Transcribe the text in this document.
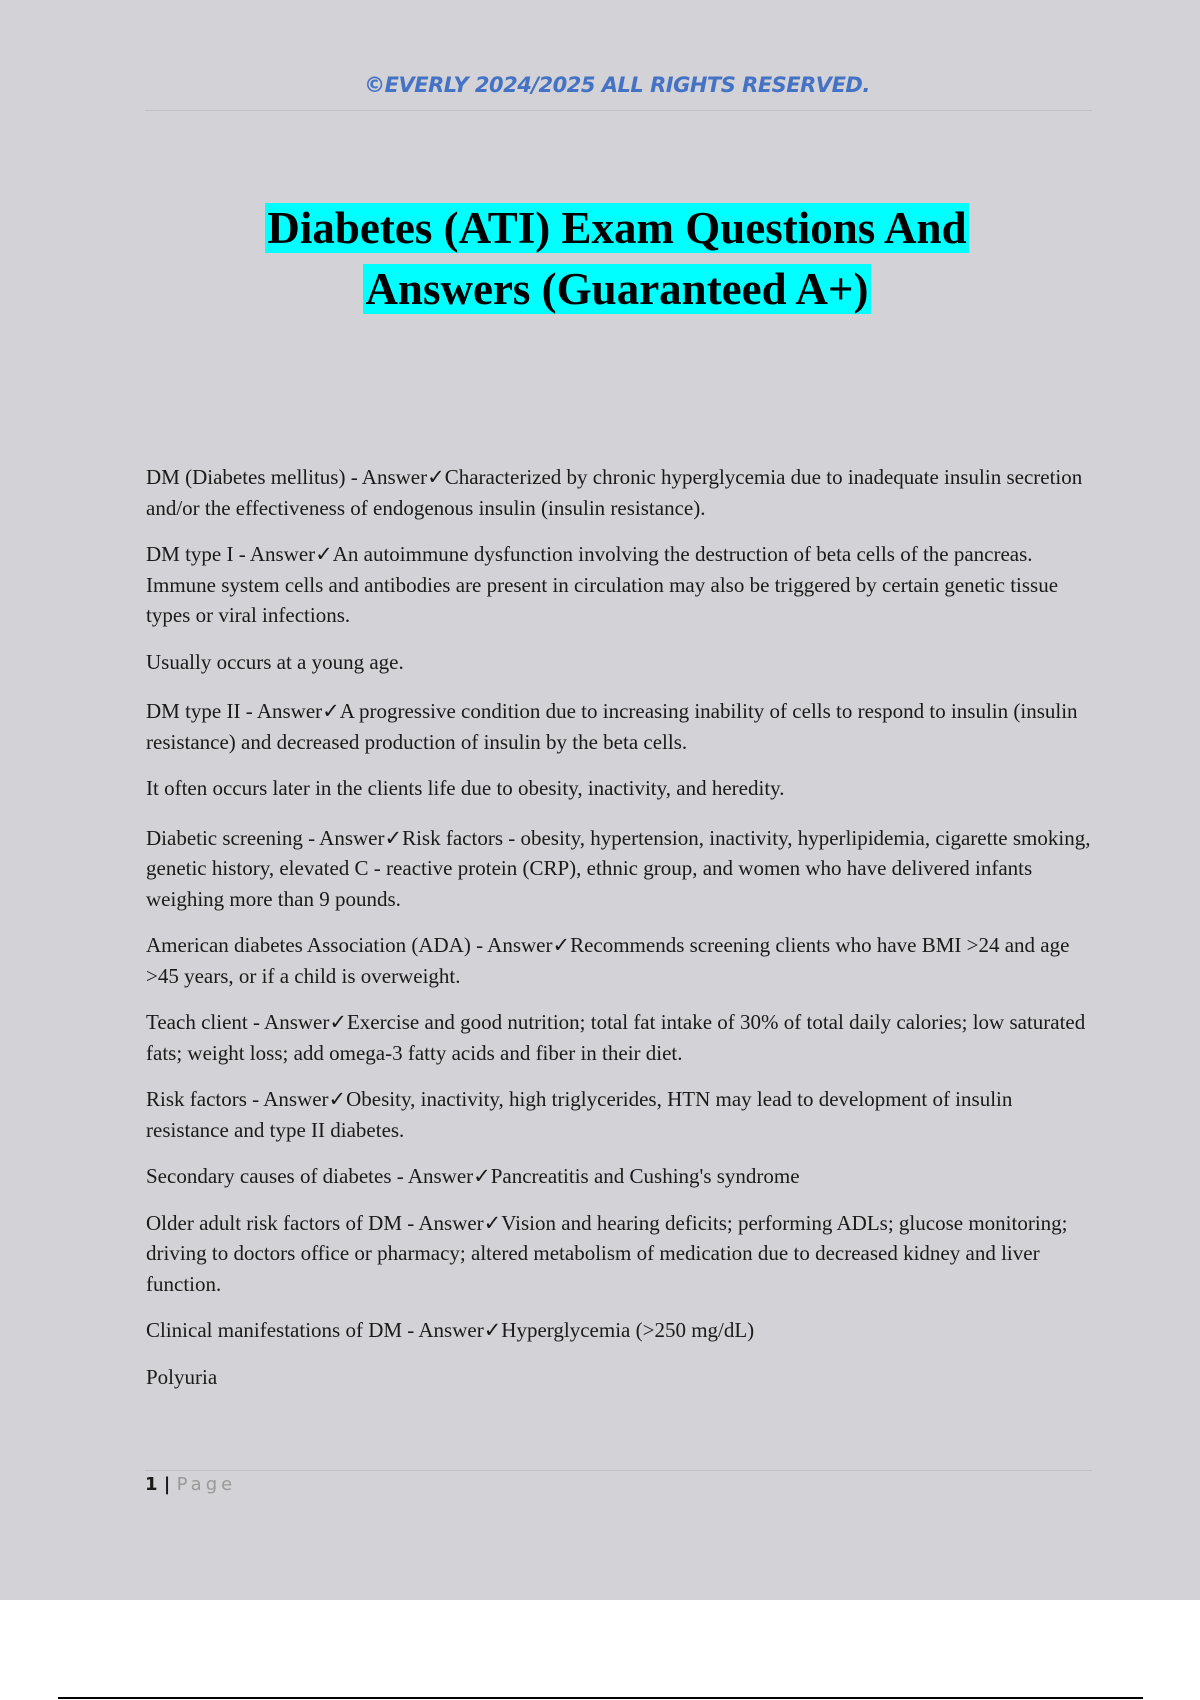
©EVERLY 2024/2025 ALL RIGHTS RESERVED.
Diabetes (ATI) Exam Questions And
Answers (Guaranteed A+)

DM (Diabetes mellitus) - Answer✓Characterized by chronic hyperglycemia due to inadequate insulin secretion and/or the effectiveness of endogenous insulin (insulin resistance).

DM type I - Answer✓An autoimmune dysfunction involving the destruction of beta cells of the pancreas. Immune system cells and antibodies are present in circulation may also be triggered by certain genetic tissue types or viral infections.

Usually occurs at a young age.

DM type II - Answer✓A progressive condition due to increasing inability of cells to respond to insulin (insulin resistance) and decreased production of insulin by the beta cells.

It often occurs later in the clients life due to obesity, inactivity, and heredity.

Diabetic screening - Answer✓Risk factors - obesity, hypertension, inactivity, hyperlipidemia, cigarette smoking, genetic history, elevated C - reactive protein (CRP), ethnic group, and women who have delivered infants weighing more than 9 pounds.

American diabetes Association (ADA) - Answer✓Recommends screening clients who have BMI >24 and age >45 years, or if a child is overweight.

Teach client - Answer✓Exercise and good nutrition; total fat intake of 30% of total daily calories; low saturated fats; weight loss; add omega-3 fatty acids and fiber in their diet.

Risk factors - Answer✓Obesity, inactivity, high triglycerides, HTN may lead to development of insulin resistance and type II diabetes.

Secondary causes of diabetes - Answer✓Pancreatitis and Cushing's syndrome

Older adult risk factors of DM - Answer✓Vision and hearing deficits; performing ADLs; glucose monitoring; driving to doctors office or pharmacy; altered metabolism of medication due to decreased kidney and liver function.

Clinical manifestations of DM - Answer✓Hyperglycemia (>250 mg/dL)

Polyuria

1 | Page
